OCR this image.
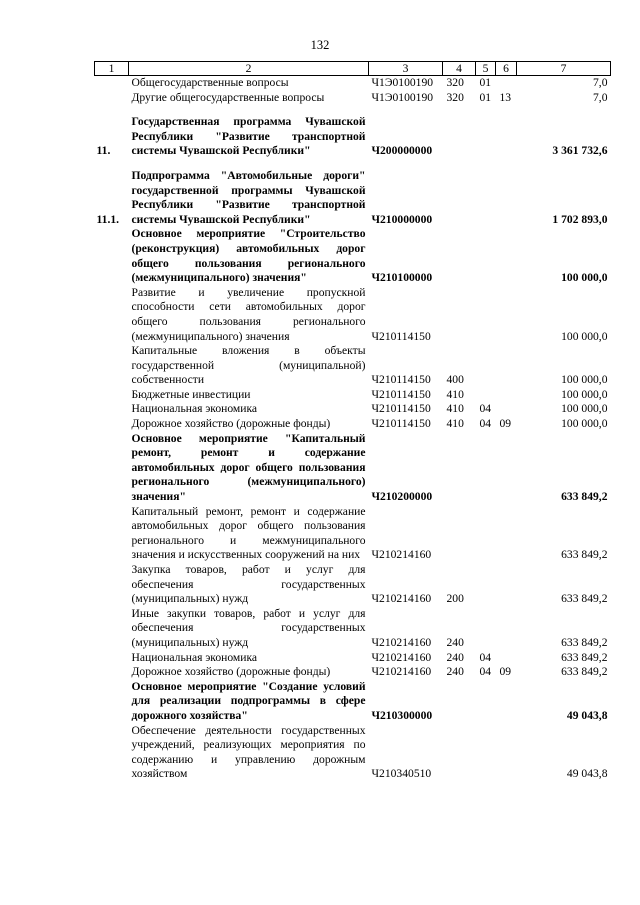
132
1	2	3	4	5	6	7
	Общегосударственные вопросы	Ч1Э0100190	320	01		7,0
	Другие общегосударственные вопросы	Ч1Э0100190	320	01	13	7,0

11.	Государственная программа Чувашской Республики "Развитие транспортной системы Чувашской Республики"	Ч200000000				3 361 732,6

11.1.	Подпрограмма "Автомобильные дороги" государственной программы Чувашской Республики "Развитие транспортной системы Чувашской Республики"	Ч210000000				1 702 893,0
	Основное мероприятие "Строительство (реконструкция) автомобильных дорог общего пользования регионального (межмуниципального) значения"	Ч210100000				100 000,0
	Развитие и увеличение пропускной способности сети автомобильных дорог общего пользования регионального (межмуниципального) значения	Ч210114150				100 000,0
	Капитальные вложения в объекты государственной (муниципальной) собственности	Ч210114150	400			100 000,0
	Бюджетные инвестиции	Ч210114150	410			100 000,0
	Национальная экономика	Ч210114150	410	04		100 000,0
	Дорожное хозяйство (дорожные фонды)	Ч210114150	410	04	09	100 000,0
	Основное мероприятие "Капитальный ремонт, ремонт и содержание автомобильных дорог общего пользования регионального (межмуниципального) значения"	Ч210200000				633 849,2
	Капитальный ремонт, ремонт и содержание автомобильных дорог общего пользования регионального и межмуниципального значения и искусственных сооружений на них	Ч210214160				633 849,2
	Закупка товаров, работ и услуг для обеспечения государственных (муниципальных) нужд	Ч210214160	200			633 849,2
	Иные закупки товаров, работ и услуг для обеспечения государственных (муниципальных) нужд	Ч210214160	240			633 849,2
	Национальная экономика	Ч210214160	240	04		633 849,2
	Дорожное хозяйство (дорожные фонды)	Ч210214160	240	04	09	633 849,2
	Основное мероприятие "Создание условий для реализации подпрограммы в сфере дорожного хозяйства"	Ч210300000				49 043,8
	Обеспечение деятельности государственных учреждений, реализующих мероприятия по содержанию и управлению дорожным хозяйством	Ч210340510				49 043,8
